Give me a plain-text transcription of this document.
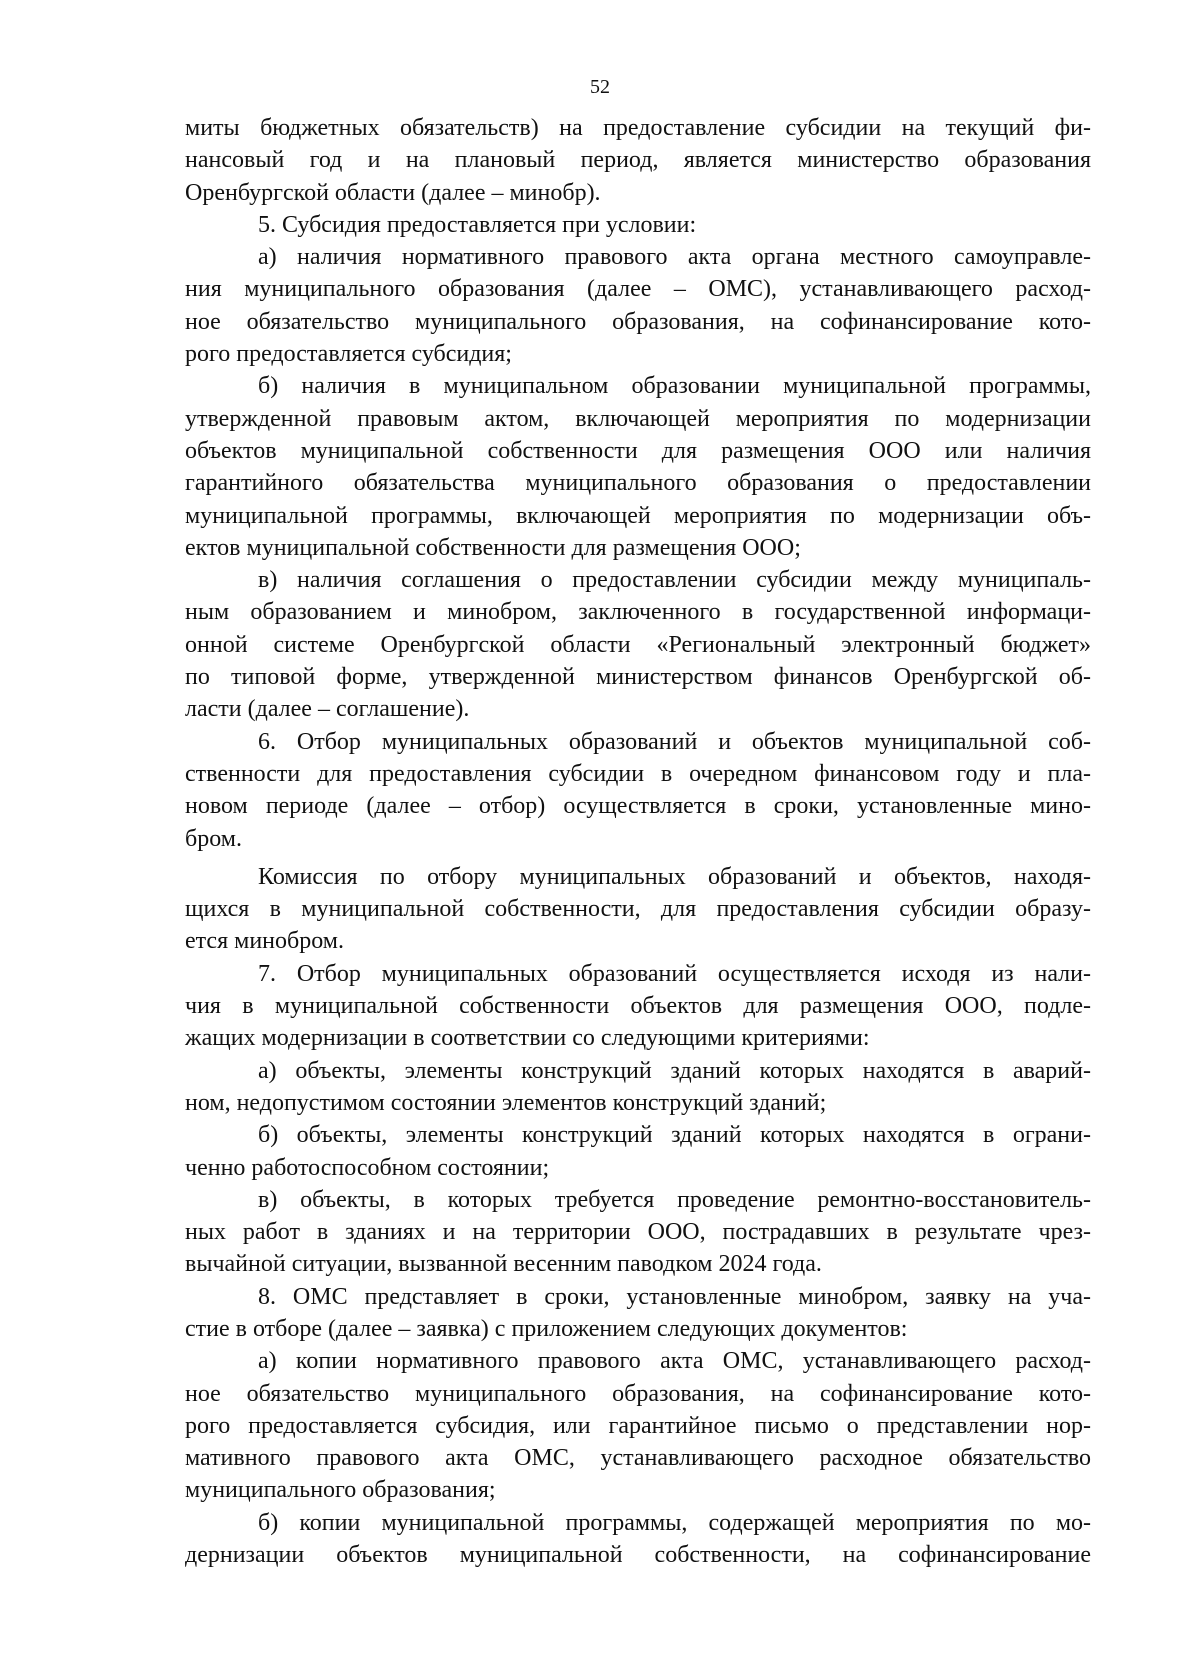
52
миты бюджетных обязательств) на предоставление субсидии на текущий фи-
нансовый год и на плановый период, является министерство образования
Оренбургской области (далее – минобр).
5. Субсидия предоставляется при условии:
а) наличия нормативного правового акта органа местного самоуправле-
ния муниципального образования (далее – ОМС), устанавливающего расход-
ное обязательство муниципального образования, на софинансирование кото-
рого предоставляется субсидия;
б) наличия в муниципальном образовании муниципальной программы,
утвержденной правовым актом, включающей мероприятия по модернизации
объектов муниципальной собственности для размещения ООО или наличия
гарантийного обязательства муниципального образования о предоставлении
муниципальной программы, включающей мероприятия по модернизации объ-
ектов муниципальной собственности для размещения ООО;
в) наличия соглашения о предоставлении субсидии между муниципаль-
ным образованием и минобром, заключенного в государственной информаци-
онной системе Оренбургской области «Региональный электронный бюджет»
по типовой форме, утвержденной министерством финансов Оренбургской об-
ласти (далее – соглашение).
6. Отбор муниципальных образований и объектов муниципальной соб-
ственности для предоставления субсидии в очередном финансовом году и пла-
новом периоде (далее – отбор) осуществляется в сроки, установленные мино-
бром.
Комиссия по отбору муниципальных образований и объектов, находя-
щихся в муниципальной собственности, для предоставления субсидии образу-
ется минобром.
7. Отбор муниципальных образований осуществляется исходя из нали-
чия в муниципальной собственности объектов для размещения ООО, подле-
жащих модернизации в соответствии со следующими критериями:
а) объекты, элементы конструкций зданий которых находятся в аварий-
ном, недопустимом состоянии элементов конструкций зданий;
б) объекты, элементы конструкций зданий которых находятся в ограни-
ченно работоспособном состоянии;
в) объекты, в которых требуется проведение ремонтно-восстановитель-
ных работ в зданиях и на территории ООО, пострадавших в результате чрез-
вычайной ситуации, вызванной весенним паводком 2024 года.
8. ОМС представляет в сроки, установленные минобром, заявку на уча-
стие в отборе (далее – заявка) с приложением следующих документов:
а) копии нормативного правового акта ОМС, устанавливающего расход-
ное обязательство муниципального образования, на софинансирование кото-
рого предоставляется субсидия, или гарантийное письмо о представлении нор-
мативного правового акта ОМС, устанавливающего расходное обязательство
муниципального образования;
б) копии муниципальной программы, содержащей мероприятия по мо-
дернизации объектов муниципальной собственности, на софинансирование
